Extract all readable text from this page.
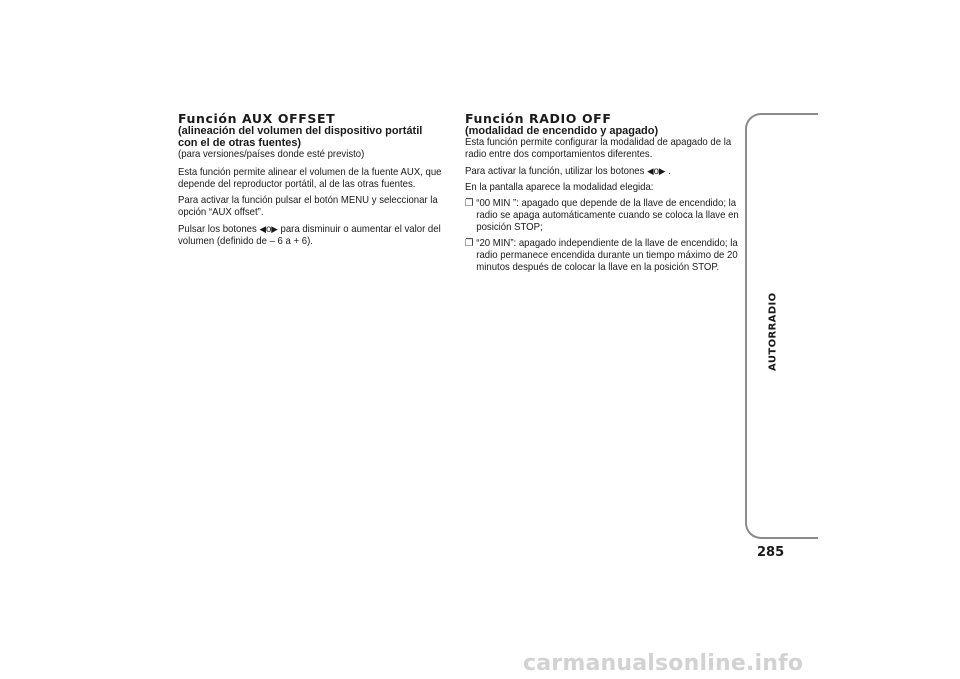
Función AUX OFFSET
(alineación del volumen del dispositivo portátil con el de otras fuentes)

(para versiones/países donde esté previsto)

Esta función permite alinear el volumen de la fuente AUX, que depende del reproductor portátil, al de las otras fuentes.

Para activar la función pulsar el botón MENU y seleccionar la opción “AUX offset”.

Pulsar los botones ◀o▶ para disminuir o aumentar el valor del volumen (definido de – 6 a + 6).

Función RADIO OFF
(modalidad de encendido y apagado)

Esta función permite configurar la modalidad de apagado de la radio entre dos comportamientos diferentes.

Para activar la función, utilizar los botones ◀o▶ .

En la pantalla aparece la modalidad elegida:

❐ “00 MIN ”: apagado que depende de la llave de encendido; la radio se apaga automáticamente cuando se coloca la llave en posición STOP;
❐ “20 MIN”: apagado independiente de la llave de encendido; la radio permanece encendida durante un tiempo máximo de 20 minutos después de colocar la llave en la posición STOP.
AUTORRADIO
285
carmanualsonline.info
